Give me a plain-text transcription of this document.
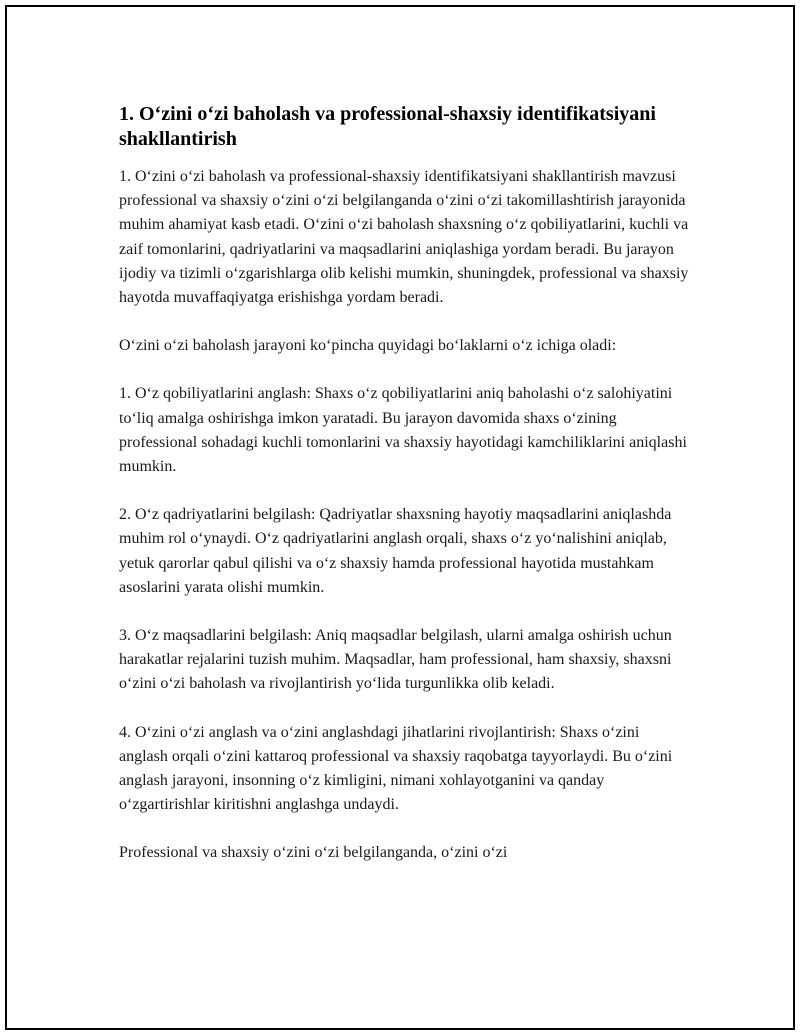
1. O‘zini o‘zi baholash va professional-shaxsiy identifikatsiyani shakllantirish

1. O‘zini o‘zi baholash va professional-shaxsiy identifikatsiyani shakllantirish mavzusi professional va shaxsiy o‘zini o‘zi belgilanganda o‘zini o‘zi takomillashtirish jarayonida muhim ahamiyat kasb etadi. O‘zini o‘zi baholash shaxsning o‘z qobiliyatlarini, kuchli va zaif tomonlarini, qadriyatlarini va maqsadlarini aniqlashiga yordam beradi. Bu jarayon ijodiy va tizimli o‘zgarishlarga olib kelishi mumkin, shuningdek, professional va shaxsiy hayotda muvaffaqiyatga erishishga yordam beradi.

O‘zini o‘zi baholash jarayoni ko‘pincha quyidagi bo‘laklarni o‘z ichiga oladi:

1. O‘z qobiliyatlarini anglash: Shaxs o‘z qobiliyatlarini aniq baholashi o‘z salohiyatini to‘liq amalga oshirishga imkon yaratadi. Bu jarayon davomida shaxs o‘zining professional sohadagi kuchli tomonlarini va shaxsiy hayotidagi kamchiliklarini aniqlashi mumkin.

2. O‘z qadriyatlarini belgilash: Qadriyatlar shaxsning hayotiy maqsadlarini aniqlashda muhim rol o‘ynaydi. O‘z qadriyatlarini anglash orqali, shaxs o‘z yo‘nalishini aniqlab, yetuk qarorlar qabul qilishi va o‘z shaxsiy hamda professional hayotida mustahkam asoslarini yarata olishi mumkin.

3. O‘z maqsadlarini belgilash: Aniq maqsadlar belgilash, ularni amalga oshirish uchun harakatlar rejalarini tuzish muhim. Maqsadlar, ham professional, ham shaxsiy, shaxsni o‘zini o‘zi baholash va rivojlantirish yo‘lida turgunlikka olib keladi.

4. O‘zini o‘zi anglash va o‘zini anglashdagi jihatlarini rivojlantirish: Shaxs o‘zini anglash orqali o‘zini kattaroq professional va shaxsiy raqobatga tayyorlaydi. Bu o‘zini anglash jarayoni, insonning o‘z kimligini, nimani xohlayotganini va qanday o‘zgartirishlar kiritishni anglashga undaydi.

Professional va shaxsiy o‘zini o‘zi belgilanganda, o‘zini o‘zi
